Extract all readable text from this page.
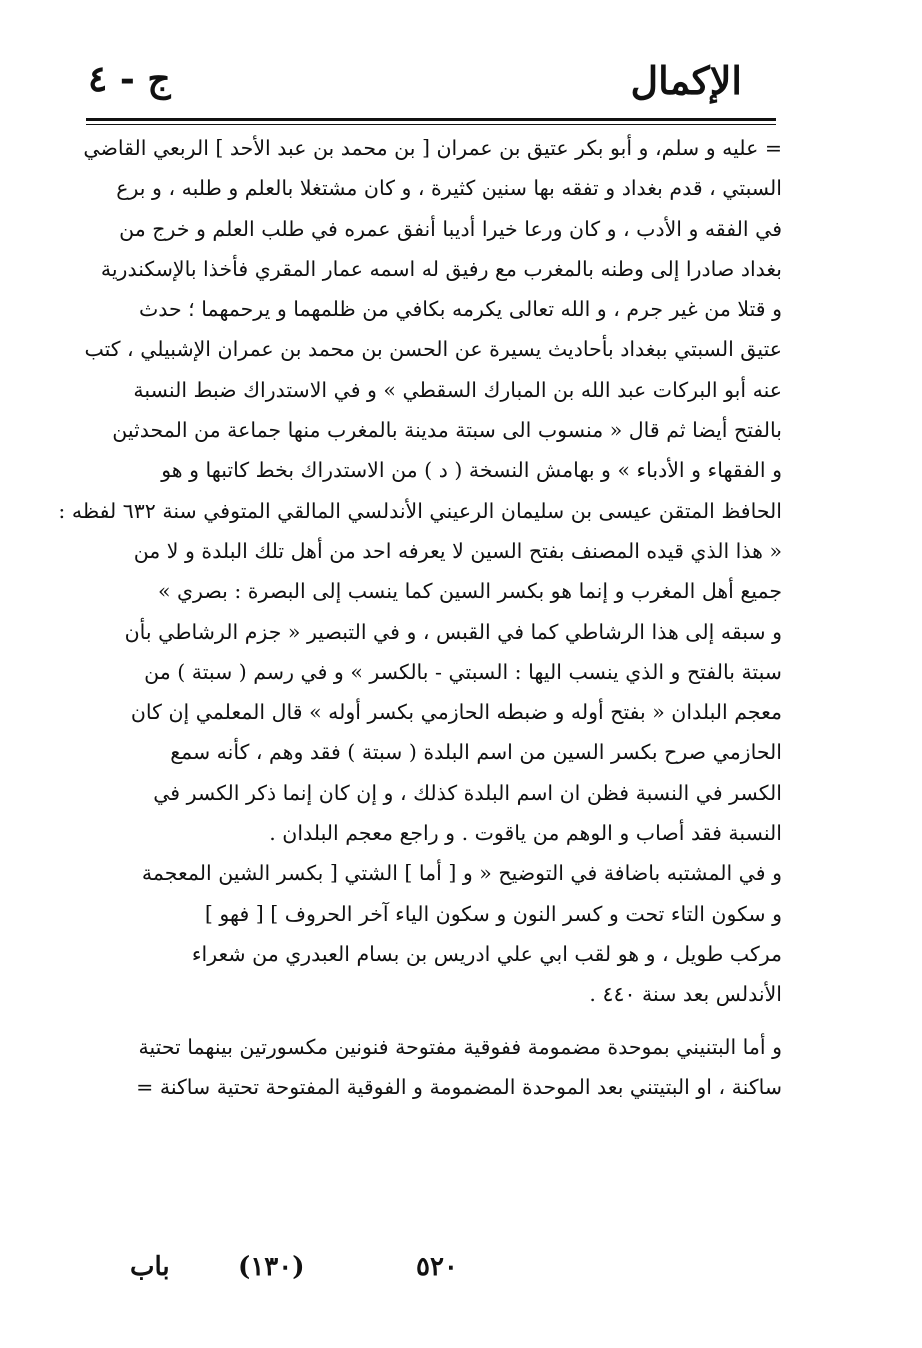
الإكمال
ج - ٤

= عليه و سلم، و أبو بكر عتيق بن عمران [ بن محمد بن عبد الأحد ] الربعي القاضي

السبتي ، قدم بغداد و تفقه بها سنين كثيرة ، و كان مشتغلا بالعلم و طلبه ، و برع

في الفقه و الأدب ، و كان ورعا خيرا أديبا أنفق عمره في طلب العلم و خرج من

بغداد صادرا إلى وطنه بالمغرب مع رفيق له اسمه عمار المقري فأخذا بالإسكندرية

و قتلا من غير جرم ، و الله تعالى يكرمه بكافي من ظلمهما و يرحمهما ؛ حدث

عتيق السبتي ببغداد بأحاديث يسيرة عن الحسن بن محمد بن عمران الإشبيلي ، كتب

عنه أبو البركات عبد الله بن المبارك السقطي » و في الاستدراك ضبط النسبة

بالفتح أيضا ثم قال « منسوب الى سبتة مدينة بالمغرب منها جماعة من المحدثين

و الفقهاء و الأدباء » و بهامش النسخة ( د ) من الاستدراك بخط كاتبها و هو

الحافظ المتقن عيسى بن سليمان الرعيني الأندلسي المالقي المتوفي سنة ٦٣٢ لفظه :

« هذا الذي قيده المصنف بفتح السين لا يعرفه احد من أهل تلك البلدة و لا من

جميع أهل المغرب و إنما هو بكسر السين كما ينسب إلى البصرة : بصري »

و سبقه إلى هذا الرشاطي كما في القبس ، و في التبصير « جزم الرشاطي بأن

سبتة بالفتح و الذي ينسب اليها : السبتي - بالكسر » و في رسم ( سبتة ) من

معجم البلدان « بفتح أوله و ضبطه الحازمي بكسر أوله » قال المعلمي إن كان

الحازمي صرح بكسر السين من اسم البلدة ( سبتة ) فقد وهم ، كأنه سمع

الكسر في النسبة فظن ان اسم البلدة كذلك ، و إن كان إنما ذكر الكسر في

النسبة فقد أصاب و الوهم من ياقوت . و راجع معجم البلدان .

و في المشتبه باضافة في التوضيح « و [ أما ] الشتي [ بكسر الشين المعجمة

و سكون التاء تحت و كسر النون و سكون الياء آخر الحروف ] [ فهو ]

مركب طويل ، و هو لقب ابي علي ادريس بن بسام العبدري من شعراء

الأندلس بعد سنة ٤٤٠ .

و أما البتنيني بموحدة مضمومة ففوقية مفتوحة فنونين مكسورتين بينهما تحتية

ساكنة ، او البتيتني بعد الموحدة المضمومة و الفوقية المفتوحة تحتية ساكنة =

باب	(١٣٠)	٥٢٠
